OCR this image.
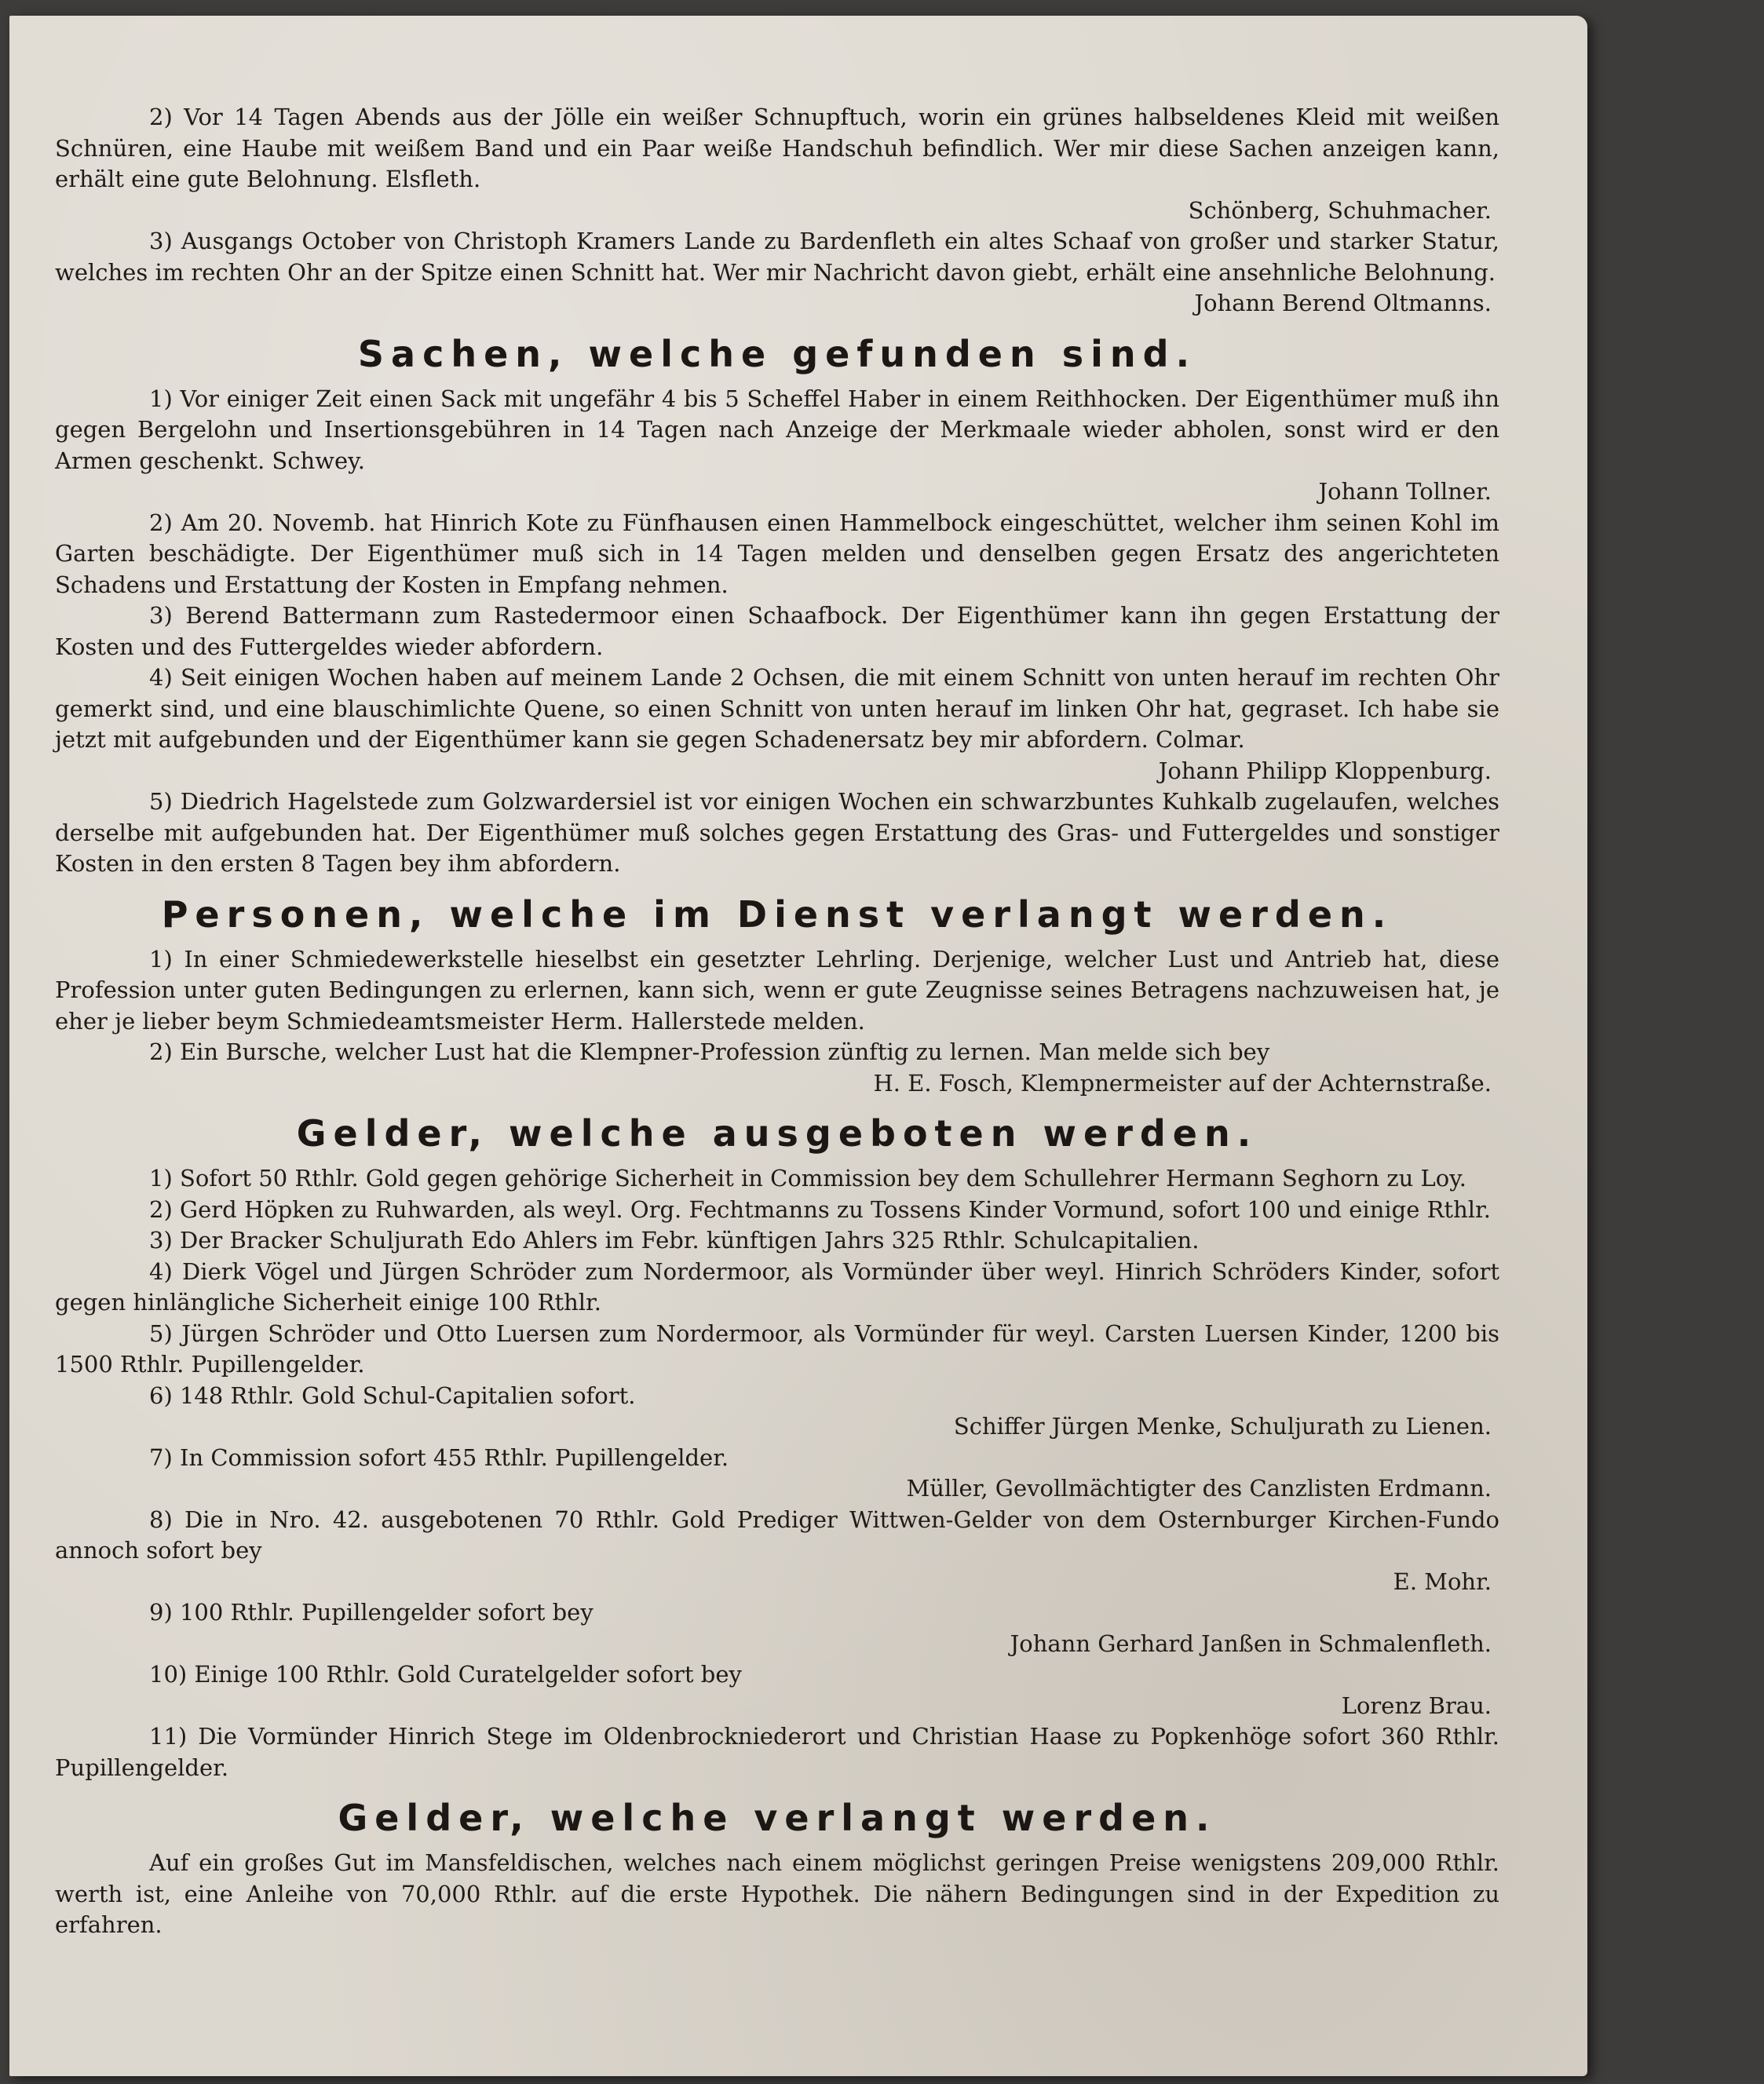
2) Vor 14 Tagen Abends aus der Jölle ein weißer Schnupftuch, worin ein grünes halbseldenes Kleid mit weißen Schnüren, eine Haube mit weißem Band und ein Paar weiße Handschuh befindlich. Wer mir diese Sachen anzeigen kann, erhält eine gute Belohnung. Elsfleth.

Schönberg, Schuhmacher.

3) Ausgangs October von Christoph Kramers Lande zu Bardenfleth ein altes Schaaf von großer und starker Statur, welches im rechten Ohr an der Spitze einen Schnitt hat. Wer mir Nachricht davon giebt, erhält eine ansehnliche Belohnung.

Johann Berend Oltmanns.

Sachen, welche gefunden sind.

1) Vor einiger Zeit einen Sack mit ungefähr 4 bis 5 Scheffel Haber in einem Reithhocken. Der Eigenthümer muß ihn gegen Bergelohn und Insertionsgebühren in 14 Tagen nach Anzeige der Merkmaale wieder abholen, sonst wird er den Armen geschenkt. Schwey.

Johann Tollner.

2) Am 20. Novemb. hat Hinrich Kote zu Fünfhausen einen Hammelbock eingeschüttet, welcher ihm seinen Kohl im Garten beschädigte. Der Eigenthümer muß sich in 14 Tagen melden und denselben gegen Ersatz des angerichteten Schadens und Erstattung der Kosten in Empfang nehmen.

3) Berend Battermann zum Rastedermoor einen Schaafbock. Der Eigenthümer kann ihn gegen Erstattung der Kosten und des Futtergeldes wieder abfordern.

4) Seit einigen Wochen haben auf meinem Lande 2 Ochsen, die mit einem Schnitt von unten herauf im rechten Ohr gemerkt sind, und eine blauschimlichte Quene, so einen Schnitt von unten herauf im linken Ohr hat, gegraset. Ich habe sie jetzt mit aufgebunden und der Eigenthümer kann sie gegen Schadenersatz bey mir abfordern. Colmar.

Johann Philipp Kloppenburg.

5) Diedrich Hagelstede zum Golzwardersiel ist vor einigen Wochen ein schwarzbuntes Kuhkalb zugelaufen, welches derselbe mit aufgebunden hat. Der Eigenthümer muß solches gegen Erstattung des Gras- und Futtergeldes und sonstiger Kosten in den ersten 8 Tagen bey ihm abfordern.

Personen, welche im Dienst verlangt werden.

1) In einer Schmiedewerkstelle hieselbst ein gesetzter Lehrling. Derjenige, welcher Lust und Antrieb hat, diese Profession unter guten Bedingungen zu erlernen, kann sich, wenn er gute Zeugnisse seines Betragens nachzuweisen hat, je eher je lieber beym Schmiedeamtsmeister Herm. Hallerstede melden.

2) Ein Bursche, welcher Lust hat die Klempner-Profession zünftig zu lernen. Man melde sich bey

H. E. Fosch, Klempnermeister auf der Achternstraße.

Gelder, welche ausgeboten werden.

1) Sofort 50 Rthlr. Gold gegen gehörige Sicherheit in Commission bey dem Schullehrer Hermann Seghorn zu Loy.

2) Gerd Höpken zu Ruhwarden, als weyl. Org. Fechtmanns zu Tossens Kinder Vormund, sofort 100 und einige Rthlr.

3) Der Bracker Schuljurath Edo Ahlers im Febr. künftigen Jahrs 325 Rthlr. Schulcapitalien.

4) Dierk Vögel und Jürgen Schröder zum Nordermoor, als Vormünder über weyl. Hinrich Schröders Kinder, sofort gegen hinlängliche Sicherheit einige 100 Rthlr.

5) Jürgen Schröder und Otto Luersen zum Nordermoor, als Vormünder für weyl. Carsten Luersen Kinder, 1200 bis 1500 Rthlr. Pupillengelder.

6) 148 Rthlr. Gold Schul-Capitalien sofort.

Schiffer Jürgen Menke, Schuljurath zu Lienen.

7) In Commission sofort 455 Rthlr. Pupillengelder.

Müller, Gevollmächtigter des Canzlisten Erdmann.

8) Die in Nro. 42. ausgebotenen 70 Rthlr. Gold Prediger Wittwen-Gelder von dem Osternburger Kirchen-Fundo annoch sofort bey

E. Mohr.

9) 100 Rthlr. Pupillengelder sofort bey

Johann Gerhard Janßen in Schmalenfleth.

10) Einige 100 Rthlr. Gold Curatelgelder sofort bey

Lorenz Brau.

11) Die Vormünder Hinrich Stege im Oldenbrockniederort und Christian Haase zu Popkenhöge sofort 360 Rthlr. Pupillengelder.

Gelder, welche verlangt werden.

Auf ein großes Gut im Mansfeldischen, welches nach einem möglichst geringen Preise wenigstens 209,000 Rthlr. werth ist, eine Anleihe von 70,000 Rthlr. auf die erste Hypothek. Die nähern Bedingungen sind in der Expedition zu erfahren.
